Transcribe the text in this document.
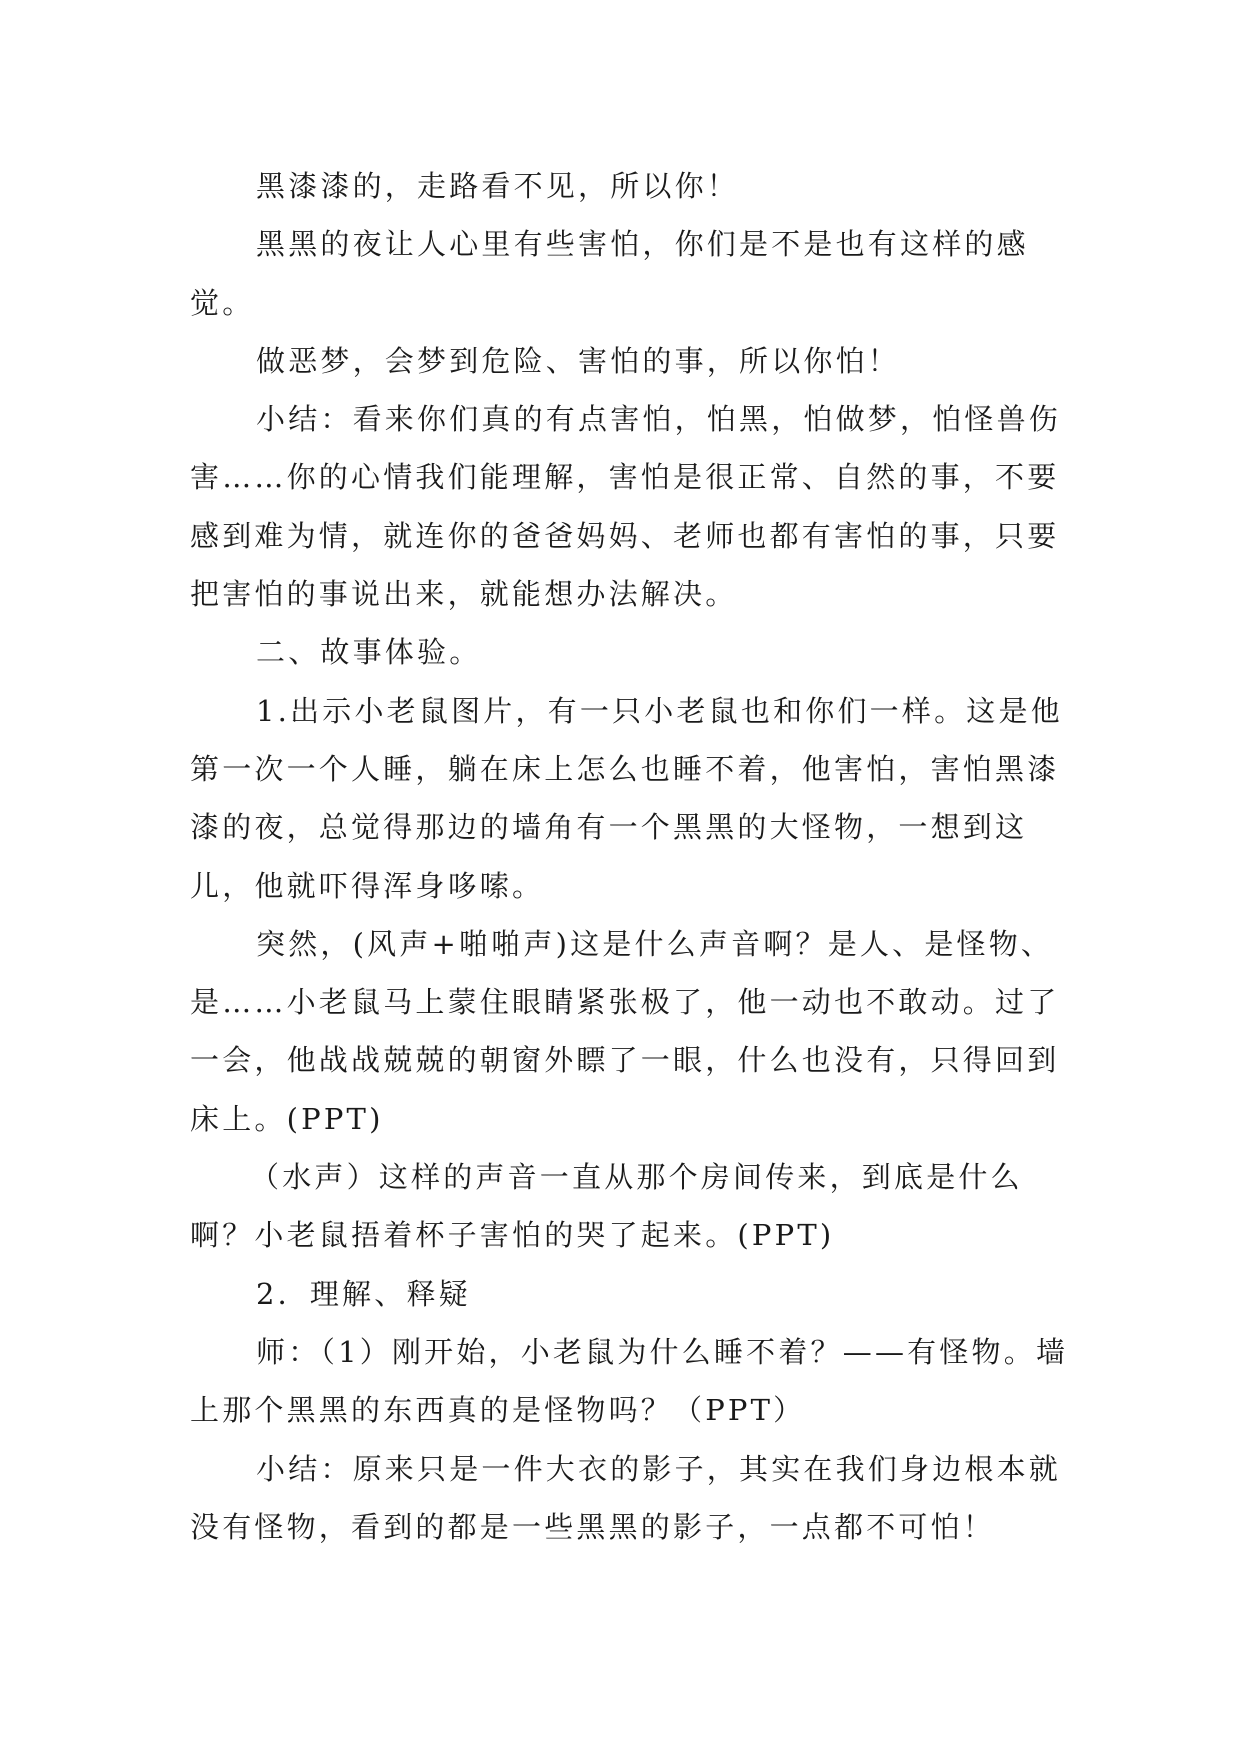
黑漆漆的，走路看不见，所以你！

黑黑的夜让人心里有些害怕，你们是不是也有这样的感觉。

做恶梦，会梦到危险、害怕的事，所以你怕！

小结：看来你们真的有点害怕，怕黑，怕做梦，怕怪兽伤害……你的心情我们能理解，害怕是很正常、自然的事，不要感到难为情，就连你的爸爸妈妈、老师也都有害怕的事，只要把害怕的事说出来，就能想办法解决。

二、故事体验。

1.出示小老鼠图片，有一只小老鼠也和你们一样。这是他第一次一个人睡，躺在床上怎么也睡不着，他害怕，害怕黑漆漆的夜，总觉得那边的墙角有一个黑黑的大怪物，一想到这儿，他就吓得浑身哆嗦。

突然，(风声+啪啪声)这是什么声音啊？是人、是怪物、是……小老鼠马上蒙住眼睛紧张极了，他一动也不敢动。过了一会，他战战兢兢的朝窗外瞟了一眼，什么也没有，只得回到床上。(PPT)

（水声）这样的声音一直从那个房间传来，到底是什么啊？小老鼠捂着杯子害怕的哭了起来。(PPT)

2．理解、释疑

师：（1）刚开始，小老鼠为什么睡不着？——有怪物。墙上那个黑黑的东西真的是怪物吗？（PPT）

小结：原来只是一件大衣的影子，其实在我们身边根本就没有怪物，看到的都是一些黑黑的影子，一点都不可怕！
